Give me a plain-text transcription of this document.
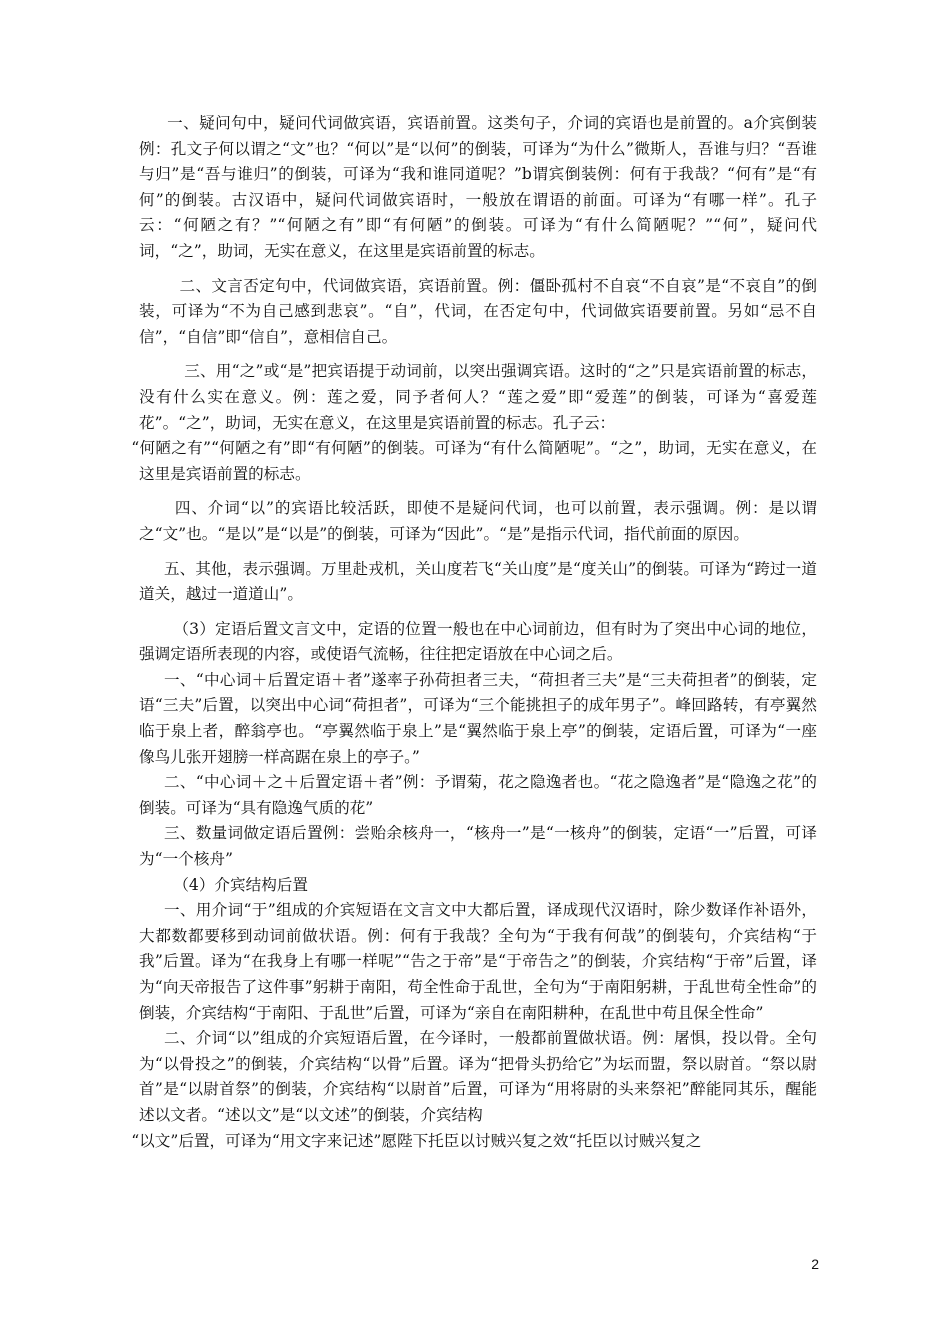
一、疑问句中，疑问代词做宾语，宾语前置。这类句子，介词的宾语也是前置的。a介宾倒装例：孔文子何以谓之“文”也？“何以”是“以何”的倒装，可译为“为什么”微斯人，吾谁与归？“吾谁与归”是“吾与谁归”的倒装，可译为“我和谁同道呢？”b谓宾倒装例：何有于我哉？“何有”是“有何”的倒装。古汉语中，疑问代词做宾语时，一般放在谓语的前面。可译为“有哪一样”。孔子云：“何陋之有？”“何陋之有”即“有何陋”的倒装。可译为“有什么简陋呢？”“何”，疑问代词，“之”，助词，无实在意义，在这里是宾语前置的标志。

二、文言否定句中，代词做宾语，宾语前置。例：僵卧孤村不自哀“不自哀”是“不哀自”的倒装，可译为“不为自己感到悲哀”。“自”，代词，在否定句中，代词做宾语要前置。另如“忌不自信”，“自信”即“信自”，意相信自己。

三、用“之”或“是”把宾语提于动词前，以突出强调宾语。这时的“之”只是宾语前置的标志，没有什么实在意义。例：莲之爱，同予者何人？“莲之爱”即“爱莲”的倒装，可译为“喜爱莲花”。“之”，助词，无实在意义，在这里是宾语前置的标志。孔子云：

“何陋之有”“何陋之有”即“有何陋”的倒装。可译为“有什么简陋呢”。“之”，助词，无实在意义，在这里是宾语前置的标志。

四、介词“以”的宾语比较活跃，即使不是疑问代词，也可以前置，表示强调。例：是以谓之“文”也。“是以”是“以是”的倒装，可译为“因此”。“是”是指示代词，指代前面的原因。

五、其他，表示强调。万里赴戎机，关山度若飞“关山度”是“度关山”的倒装。可译为“跨过一道道关，越过一道道山”。

（3）定语后置文言文中，定语的位置一般也在中心词前边，但有时为了突出中心词的地位，强调定语所表现的内容，或使语气流畅，往往把定语放在中心词之后。

一、“中心词＋后置定语＋者”遂率子孙荷担者三夫，“荷担者三夫”是“三夫荷担者”的倒装，定语“三夫”后置，以突出中心词“荷担者”，可译为“三个能挑担子的成年男子”。峰回路转，有亭翼然临于泉上者，醉翁亭也。“亭翼然临于泉上”是“翼然临于泉上亭”的倒装，定语后置，可译为“一座像鸟儿张开翅膀一样高踞在泉上的亭子。”

二、“中心词＋之＋后置定语＋者”例：予谓菊，花之隐逸者也。“花之隐逸者”是“隐逸之花”的倒装。可译为“具有隐逸气质的花”

三、数量词做定语后置例：尝贻余核舟一，“核舟一”是“一核舟”的倒装，定语“一”后置，可译为“一个核舟”

（4）介宾结构后置

一、用介词“于”组成的介宾短语在文言文中大都后置，译成现代汉语时，除少数译作补语外，大都数都要移到动词前做状语。例：何有于我哉？全句为“于我有何哉”的倒装句，介宾结构“于我”后置。译为“在我身上有哪一样呢”“告之于帝”是“于帝告之”的倒装，介宾结构“于帝”后置，译为“向天帝报告了这件事”躬耕于南阳，苟全性命于乱世，全句为“于南阳躬耕，于乱世苟全性命”的倒装，介宾结构“于南阳、于乱世”后置，可译为“亲自在南阳耕种，在乱世中苟且保全性命”

二、介词“以”组成的介宾短语后置，在今译时，一般都前置做状语。例：屠惧，投以骨。全句为“以骨投之”的倒装，介宾结构“以骨”后置。译为“把骨头扔给它”为坛而盟，祭以尉首。“祭以尉首”是“以尉首祭”的倒装，介宾结构“以尉首”后置，可译为“用将尉的头来祭祀”醉能同其乐，醒能述以文者。“述以文”是“以文述”的倒装，介宾结构

“以文”后置，可译为“用文字来记述”愿陛下托臣以讨贼兴复之效“托臣以讨贼兴复之

2
